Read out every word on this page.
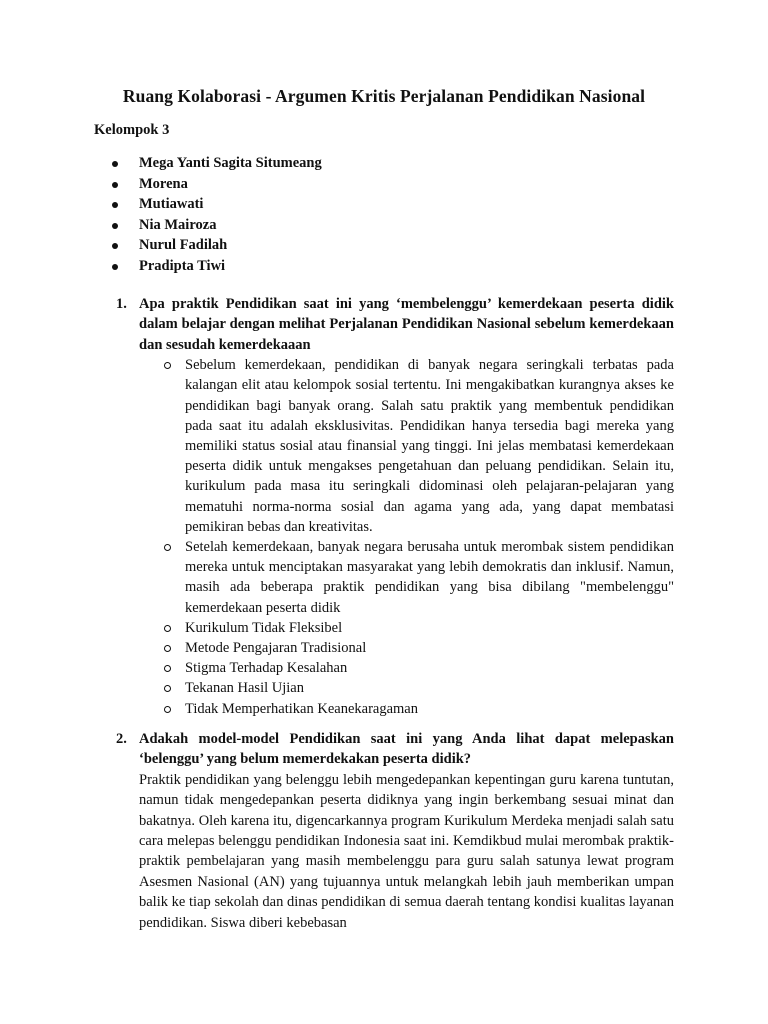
Ruang Kolaborasi - Argumen Kritis Perjalanan Pendidikan Nasional

Kelompok 3

Mega Yanti Sagita Situmeang
Morena
Mutiawati
Nia Mairoza
Nurul Fadilah
Pradipta Tiwi
1. Apa praktik Pendidikan saat ini yang ‘membelenggu’ kemerdekaan peserta didik dalam belajar dengan melihat Perjalanan Pendidikan Nasional sebelum kemerdekaan dan sesudah kemerdekaaan
Sebelum kemerdekaan, pendidikan di banyak negara seringkali terbatas pada kalangan elit atau kelompok sosial tertentu. Ini mengakibatkan kurangnya akses ke pendidikan bagi banyak orang. Salah satu praktik yang membentuk pendidikan pada saat itu adalah eksklusivitas. Pendidikan hanya tersedia bagi mereka yang memiliki status sosial atau finansial yang tinggi. Ini jelas membatasi kemerdekaan peserta didik untuk mengakses pengetahuan dan peluang pendidikan. Selain itu, kurikulum pada masa itu seringkali didominasi oleh pelajaran-pelajaran yang mematuhi norma-norma sosial dan agama yang ada, yang dapat membatasi pemikiran bebas dan kreativitas.
Setelah kemerdekaan, banyak negara berusaha untuk merombak sistem pendidikan mereka untuk menciptakan masyarakat yang lebih demokratis dan inklusif. Namun, masih ada beberapa praktik pendidikan yang bisa dibilang "membelenggu" kemerdekaan peserta didik
Kurikulum Tidak Fleksibel
Metode Pengajaran Tradisional
Stigma Terhadap Kesalahan
Tekanan Hasil Ujian
Tidak Memperhatikan Keanekaragaman
2. Adakah model-model Pendidikan saat ini yang Anda lihat dapat melepaskan ‘belenggu’ yang belum memerdekakan peserta didik?
Praktik pendidikan yang belenggu lebih mengedepankan kepentingan guru karena tuntutan, namun tidak mengedepankan peserta didiknya yang ingin berkembang sesuai minat dan bakatnya. Oleh karena itu, digencarkannya program Kurikulum Merdeka menjadi salah satu cara melepas belenggu pendidikan Indonesia saat ini. Kemdikbud mulai merombak praktik-praktik pembelajaran yang masih membelenggu para guru salah satunya lewat program Asesmen Nasional (AN) yang tujuannya untuk melangkah lebih jauh memberikan umpan balik ke tiap sekolah dan dinas pendidikan di semua daerah tentang kondisi kualitas layanan pendidikan. Siswa diberi kebebasan
